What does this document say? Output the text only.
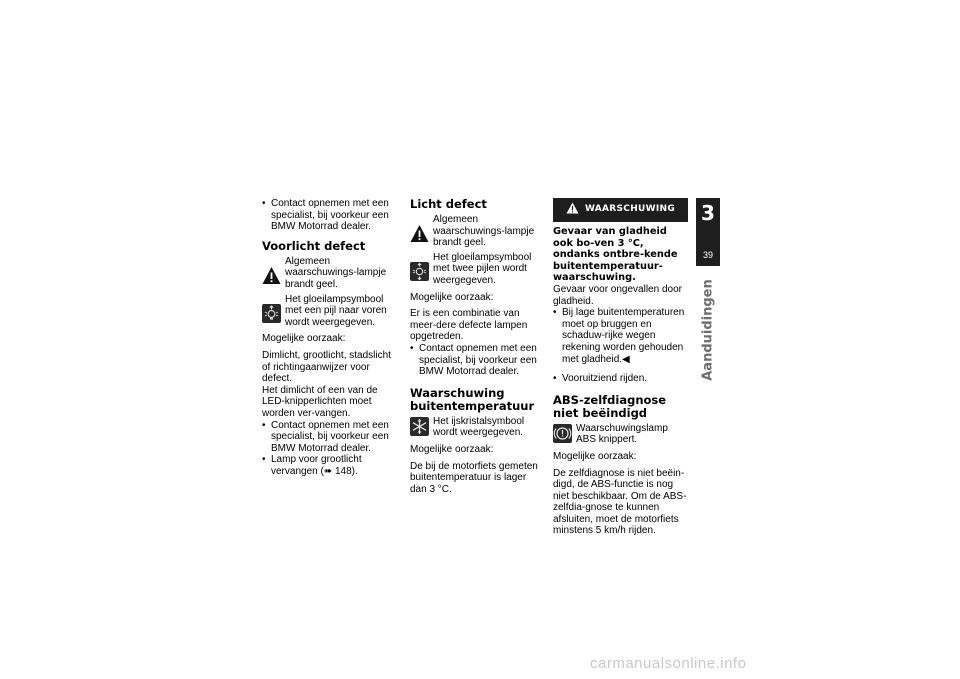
• Contact opnemen met een specialist, bij voorkeur een BMW Motorrad dealer.
Voorlicht defect
Algemeen waarschuwings-lampje brandt geel.
Het gloeilampsymbool met een pijl naar voren wordt weergegeven.

Mogelijke oorzaak:

Dimlicht, grootlicht, stadslicht of richtingaanwijzer voor defect.

Het dimlicht of een van de LED-knipperlichten moet worden ver-vangen.

• Contact opnemen met een specialist, bij voorkeur een BMW Motorrad dealer.
• Lamp voor grootlicht vervangen (➠ 148).
Licht defect
Algemeen waarschuwings-lampje brandt geel.
Het gloeilampsymbool met twee pijlen wordt weergegeven.

Mogelijke oorzaak:

Er is een combinatie van meer-dere defecte lampen opgetreden.

• Contact opnemen met een specialist, bij voorkeur een BMW Motorrad dealer.
Waarschuwing buitentemperatuur
Het ijskristalsymbool wordt weergegeven.

Mogelijke oorzaak:

De bij de motorfiets gemeten buitentemperatuur is lager dan 3 °C.

WAARSCHUWING

Gevaar van gladheid ook bo-ven 3 °C, ondanks ontbre-kende buitentemperatuur-waarschuwing.

Gevaar voor ongevallen door gladheid.

• Bij lage buitentemperaturen moet op bruggen en schaduw-rijke wegen rekening worden gehouden met gladheid.◀
• Vooruitziend rijden.
ABS-zelfdiagnose niet beëindigd
Waarschuwingslamp ABS knippert.

Mogelijke oorzaak:

De zelfdiagnose is niet beëin-digd, de ABS-functie is nog niet beschikbaar. Om de ABS-zelfdia-gnose te kunnen afsluiten, moet de motorfiets minstens 5 km/h rijden.

3
39
Aanduidingen
carmanualsonline.info
